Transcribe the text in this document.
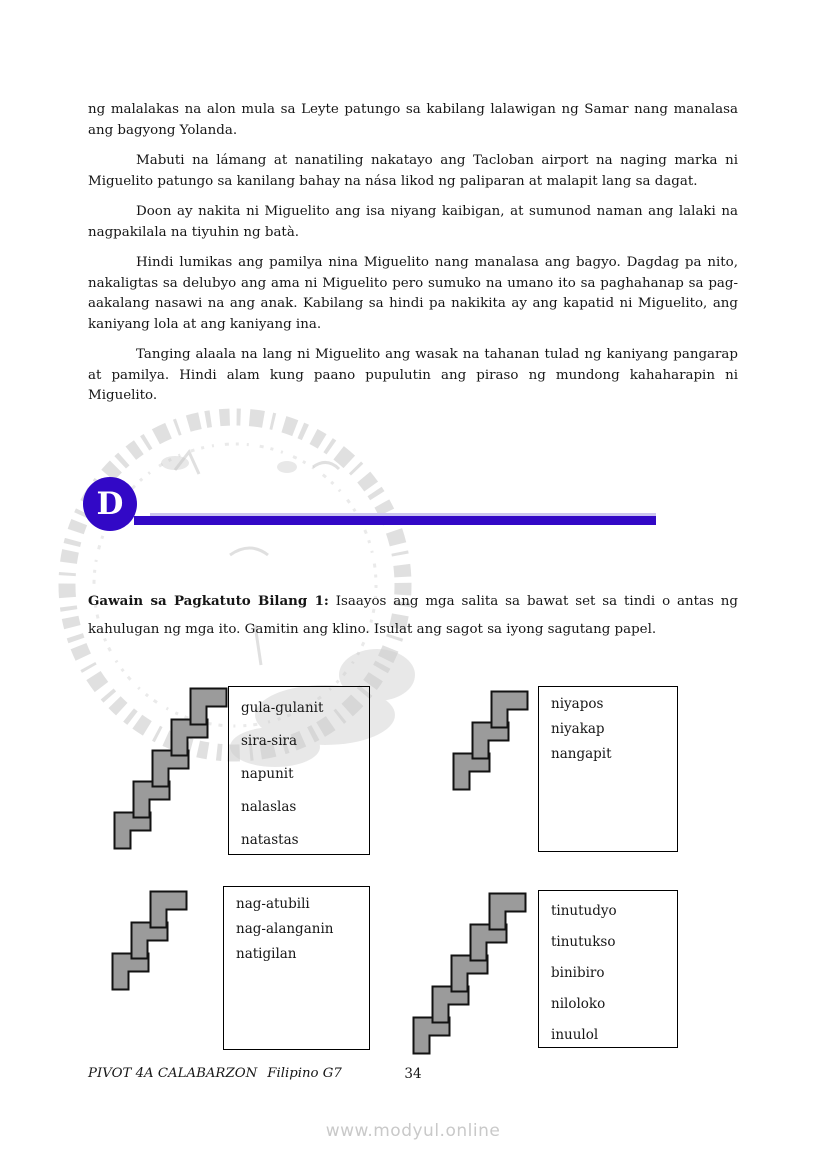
ng malalakas na alon mula sa Leyte patungo sa kabilang lalawigan ng Samar nang manalasa ang bagyong Yolanda.

Mabuti na lámang at nanatiling nakatayo ang Tacloban airport na naging marka ni Miguelito patungo sa kanilang bahay na nása likod ng paliparan at malapit lang sa dagat.

Doon ay nakita ni Miguelito ang isa niyang kaibigan, at sumunod naman ang lalaki na nagpakilala na tiyuhin ng batà.

Hindi lumikas ang pamilya nina Miguelito nang manalasa ang bagyo. Dagdag pa nito, nakaligtas sa delubyo ang ama ni Miguelito pero sumuko na umano ito sa paghahanap sa pag-aakalang nasawi na ang anak. Kabilang sa hindi pa nakikita ay ang kapatid ni Miguelito, ang kaniyang lola at ang kaniyang ina.

Tanging alaala na lang ni Miguelito ang wasak na tahanan tulad ng kaniyang pangarap at pamilya. Hindi alam kung paano pupulutin ang piraso ng mundong kahaharapin ni Miguelito.

D

Gawain sa Pagkatuto Bilang 1: Isaayos ang mga salita sa bawat set sa tindi o antas ng kahulugan ng mga ito. Gamitin ang klino. Isulat ang sagot sa iyong sagutang papel.

gula-gulanit
sira-sira
napunit
nalaslas
natastas
niyapos
niyakap
nangapit
nag-atubili
nag-alanganin
natigilan
tinutudyo
tinutukso
binibiro
niloloko
inuulol
PIVOT 4A CALABARZON Filipino G7	34
www.modyul.online
